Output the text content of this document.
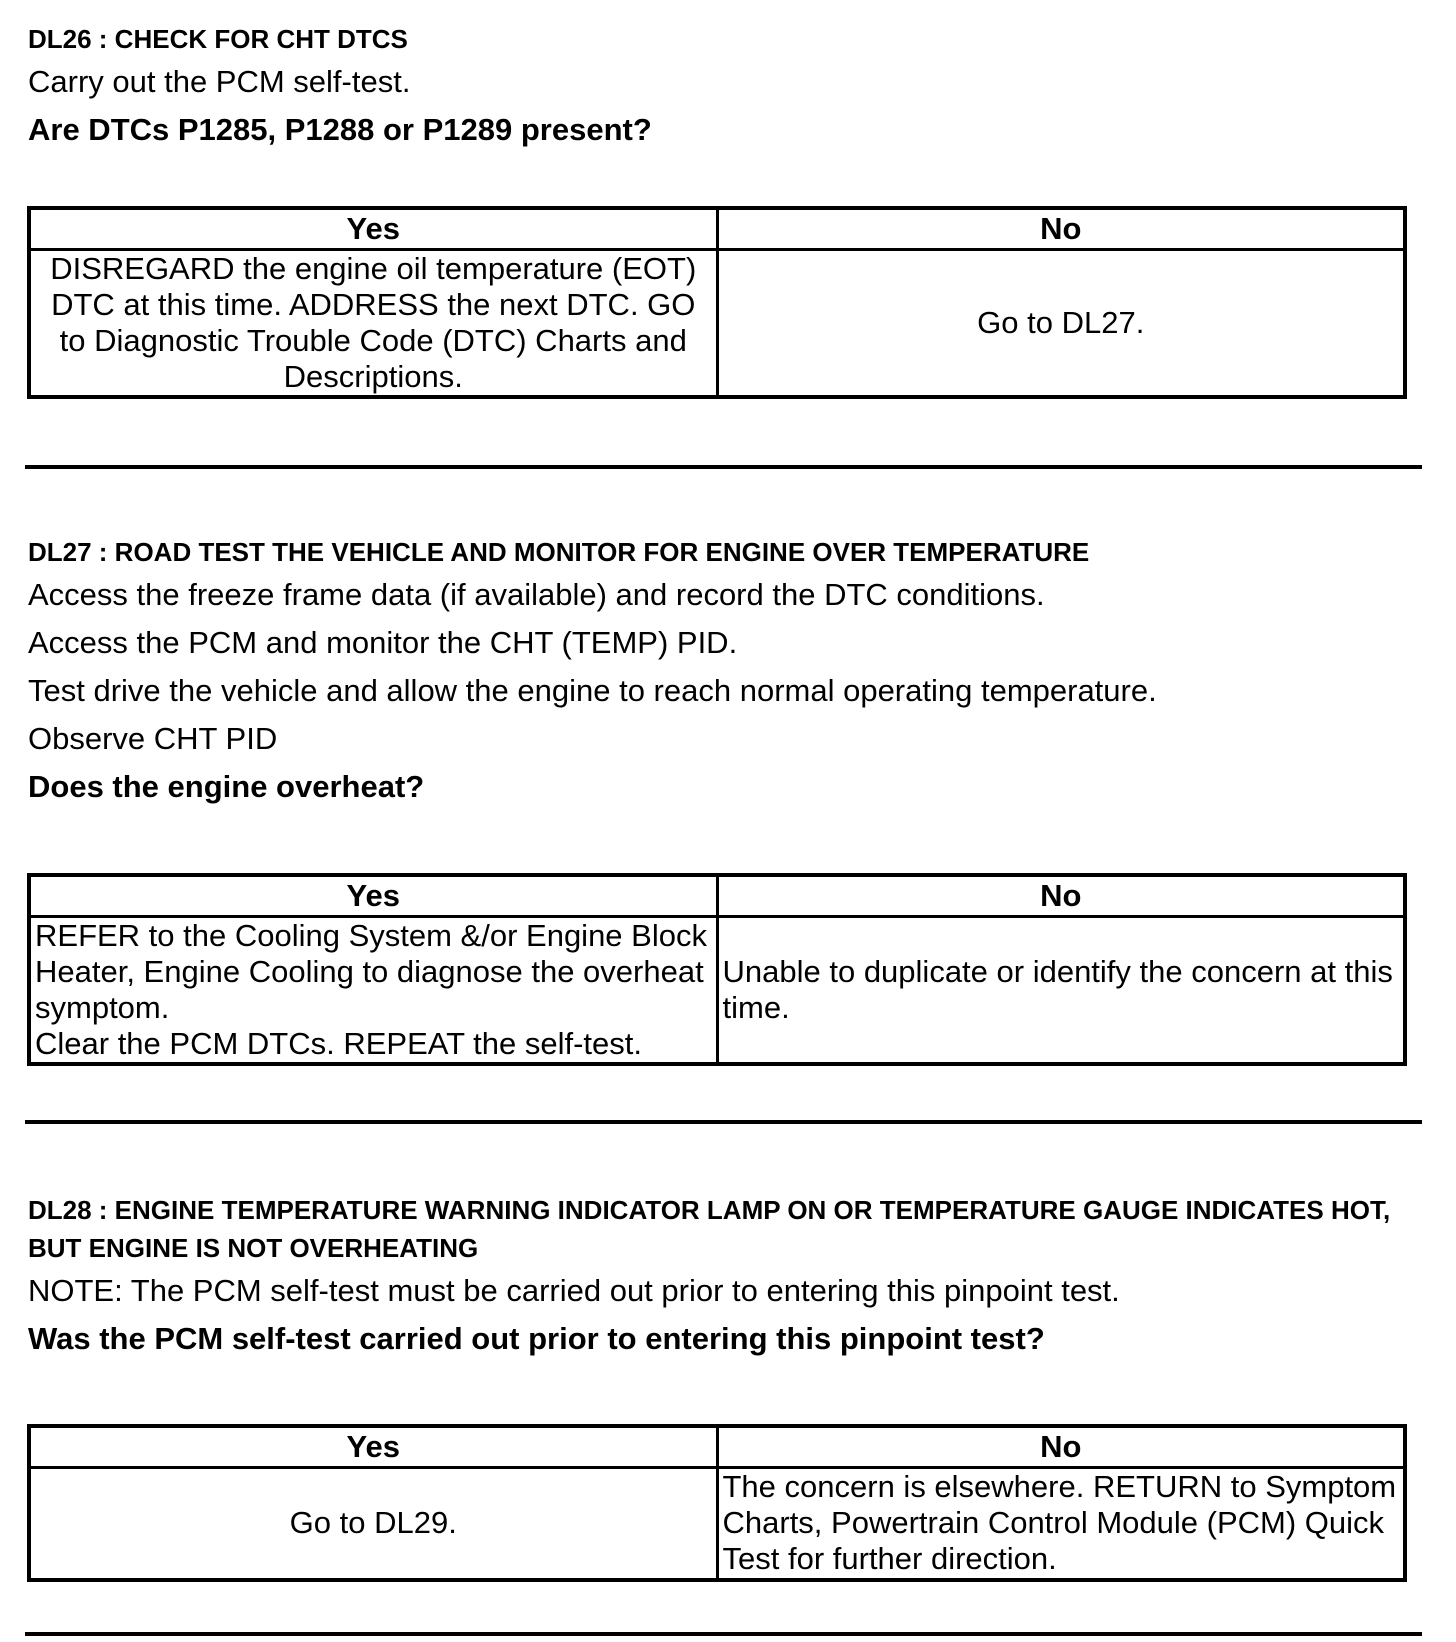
DL26 : CHECK FOR CHT DTCS

Carry out the PCM self-test.

Are DTCs P1285, P1288 or P1289 present?

Yes	No
DISREGARD the engine oil temperature (EOT) DTC at this time. ADDRESS the next DTC. GO to Diagnostic Trouble Code (DTC) Charts and Descriptions.	Go to DL27.

DL27 : ROAD TEST THE VEHICLE AND MONITOR FOR ENGINE OVER TEMPERATURE

Access the freeze frame data (if available) and record the DTC conditions.

Access the PCM and monitor the CHT (TEMP) PID.

Test drive the vehicle and allow the engine to reach normal operating temperature.

Observe CHT PID

Does the engine overheat?

Yes	No

REFER to the Cooling System &/or Engine Block Heater, Engine Cooling to diagnose the overheat symptom.
Clear the PCM DTCs. REPEAT the self-test.	Unable to duplicate or identify the concern at this time.

DL28 : ENGINE TEMPERATURE WARNING INDICATOR LAMP ON OR TEMPERATURE GAUGE INDICATES HOT, BUT ENGINE IS NOT OVERHEATING

NOTE: The PCM self-test must be carried out prior to entering this pinpoint test.

Was the PCM self-test carried out prior to entering this pinpoint test?

Yes	No
Go to DL29.	The concern is elsewhere. RETURN to Symptom Charts, Powertrain Control Module (PCM) Quick Test for further direction.
